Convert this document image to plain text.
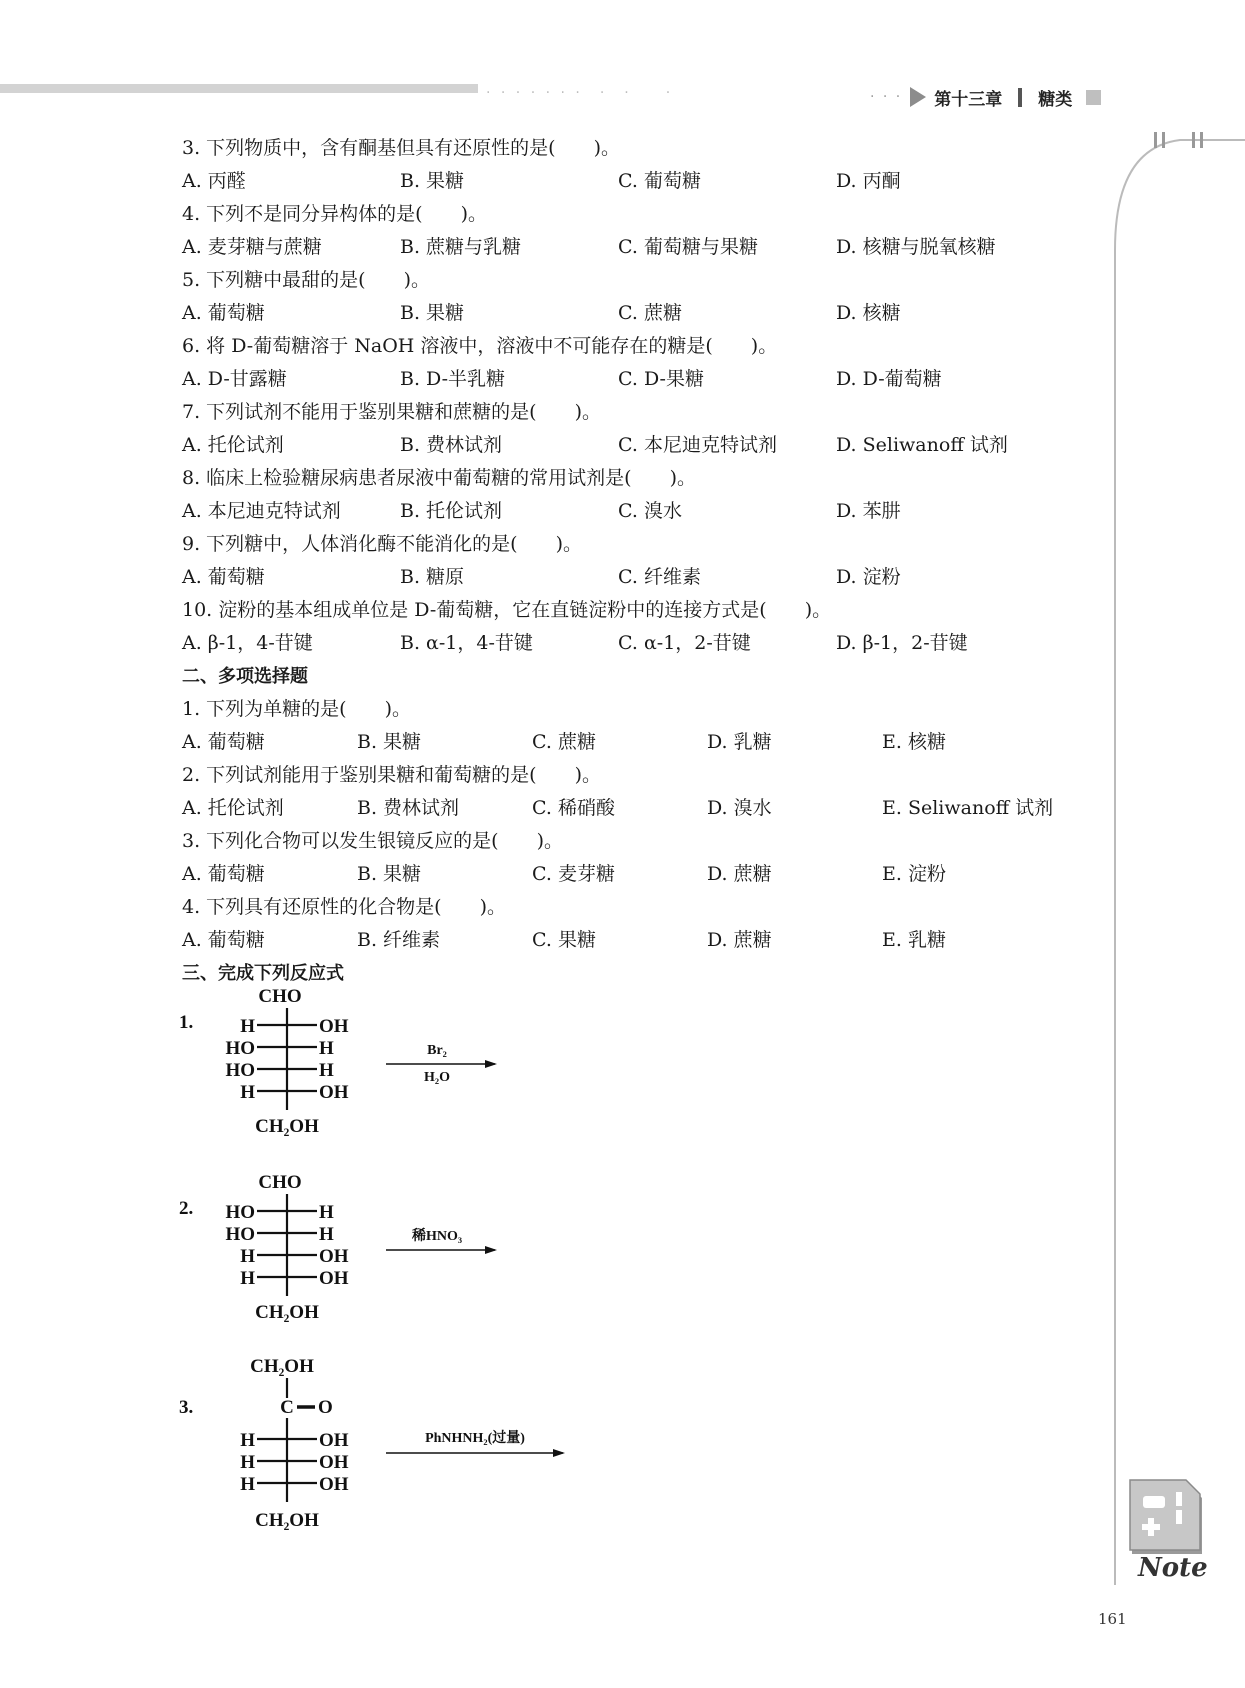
· · · · · · ·　·　·　　·	· · · 第十三章 糖类
Note
3. 下列物质中，含有酮基但具有还原性的是(　　)。
A. 丙醛	B. 果糖	C. 葡萄糖	D. 丙酮
4. 下列不是同分异构体的是(　　)。
A. 麦芽糖与蔗糖	B. 蔗糖与乳糖	C. 葡萄糖与果糖	D. 核糖与脱氧核糖
5. 下列糖中最甜的是(　　)。
A. 葡萄糖	B. 果糖	C. 蔗糖	D. 核糖
6. 将 D-葡萄糖溶于 NaOH 溶液中，溶液中不可能存在的糖是(　　)。
A. D-甘露糖	B. D-半乳糖	C. D-果糖	D. D-葡萄糖
7. 下列试剂不能用于鉴别果糖和蔗糖的是(　　)。
A. 托伦试剂	B. 费林试剂	C. 本尼迪克特试剂	D. Seliwanoff 试剂
8. 临床上检验糖尿病患者尿液中葡萄糖的常用试剂是(　　)。
A. 本尼迪克特试剂	B. 托伦试剂	C. 溴水	D. 苯肼
9. 下列糖中，人体消化酶不能消化的是(　　)。
A. 葡萄糖	B. 糖原	C. 纤维素	D. 淀粉
10. 淀粉的基本组成单位是 D-葡萄糖，它在直链淀粉中的连接方式是(　　)。
A. β-1，4-苷键	B. α-1，4-苷键	C. α-1，2-苷键	D. β-1，2-苷键
二、多项选择题
1. 下列为单糖的是(　　)。
A. 葡萄糖	B. 果糖	C. 蔗糖	D. 乳糖	E. 核糖
2. 下列试剂能用于鉴别果糖和葡萄糖的是(　　)。
A. 托伦试剂	B. 费林试剂	C. 稀硝酸	D. 溴水	E. Seliwanoff 试剂
3. 下列化合物可以发生银镜反应的是(　　)。
A. 葡萄糖	B. 果糖	C. 麦芽糖	D. 蔗糖	E. 淀粉
4. 下列具有还原性的化合物是(　　)。
A. 葡萄糖	B. 纤维素	C. 果糖	D. 蔗糖	E. 乳糖
三、完成下列反应式
1.
CHO
H	OH
HO	H
HO	H
H	OH
CH₂OH
Br₂
H₂O
2.
CHO
HO	H
HO	H
H	OH
H	OH
CH₂OH
稀HNO₃
3.
CH₂OH
C O
H	OH
H	OH
H	OH
CH₂OH
PhNHNH₂(过量)
161
